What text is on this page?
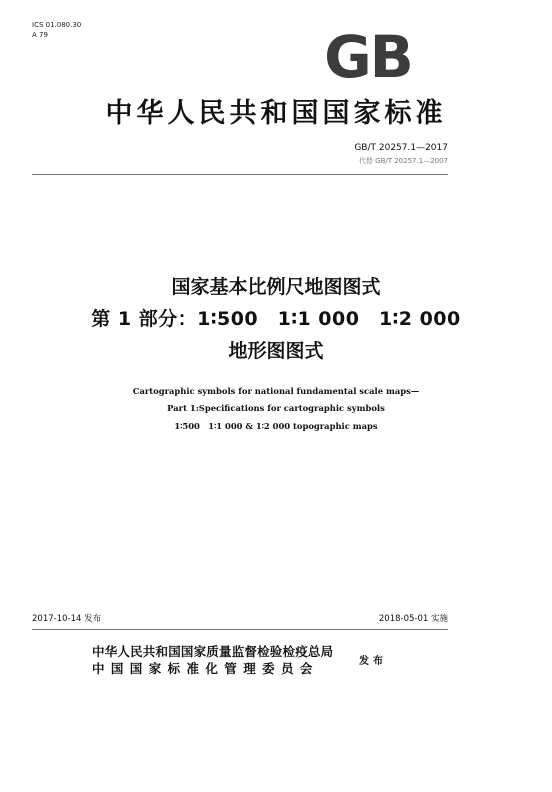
ICS 01.080.30
A 79	GB
中华人民共和国国家标准
GB/T 20257.1—2017
代替 GB/T 20257.1—2007
国家基本比例尺地图图式
第 1 部分：1∶500　1∶1 000　1∶2 000
地形图图式
Cartographic symbols for national fundamental scale maps—
Part 1:Specifications for cartographic symbols
1∶500　1∶1 000 & 1∶2 000 topographic maps
2017-10-14 发布	2018-05-01 实施
中华人民共和国国家质量监督检验检疫总局
中国国家标准化管理委员会	发布
